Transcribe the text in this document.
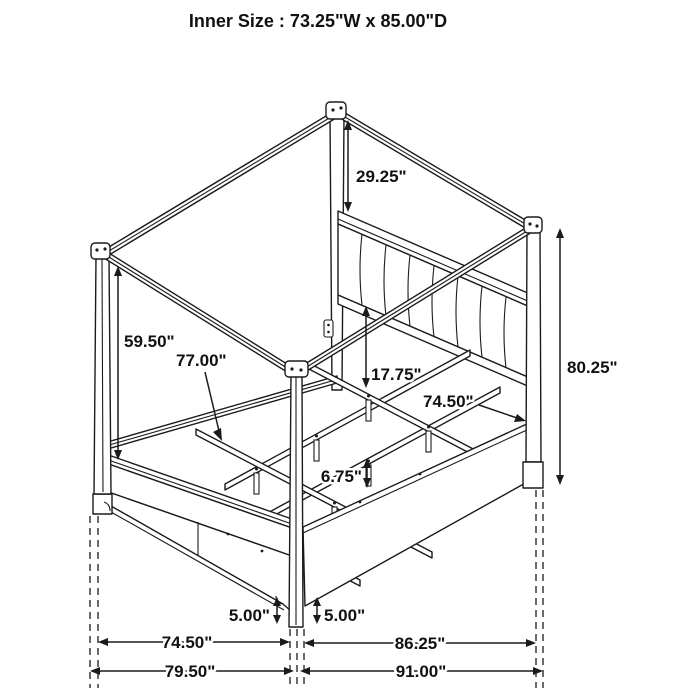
Inner Size : 73.25"W x 85.00"D
29.25"
59.50"
77.00"
17.75"
74.50"
6.75"
80.25"
5.00"	5.00"
74.50"	86.25"
79.50"	91.00"
